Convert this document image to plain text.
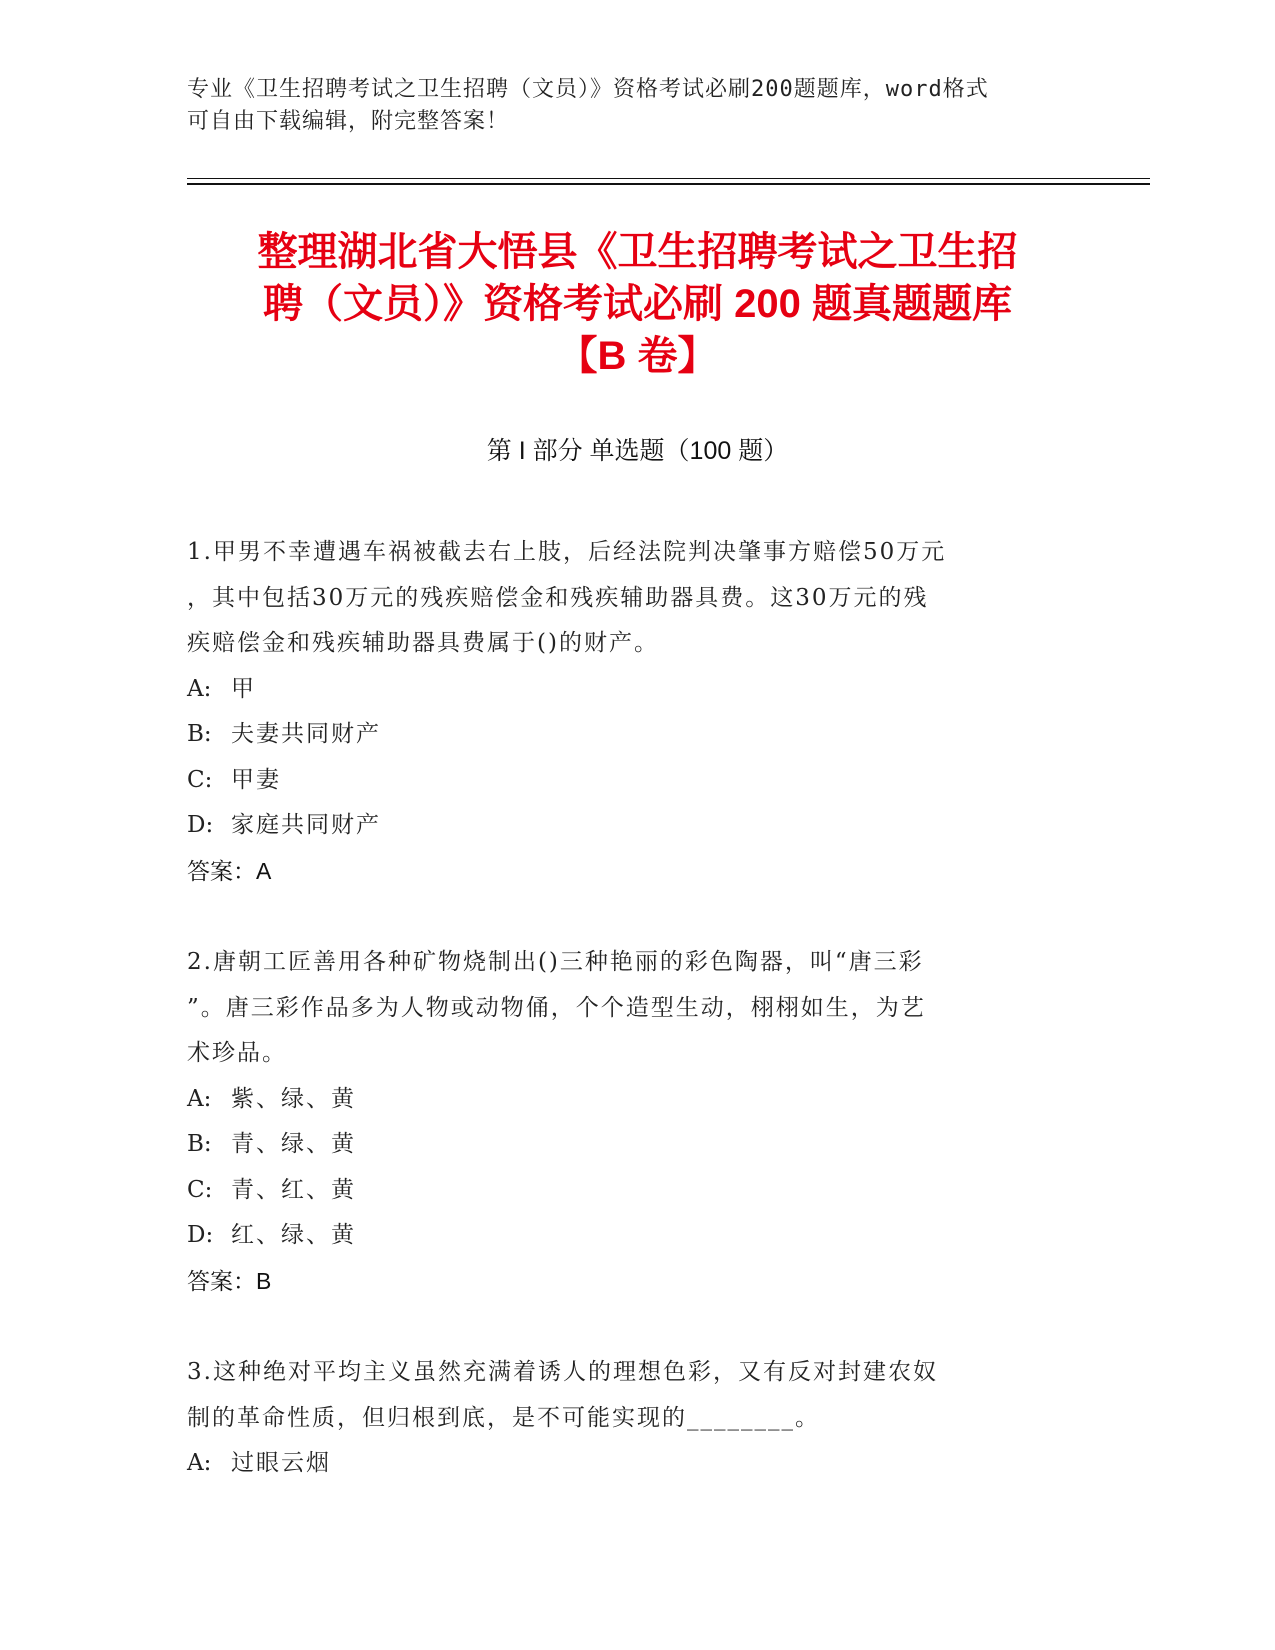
专业《卫生招聘考试之卫生招聘（文员）》资格考试必刷200题题库，word格式
可自由下载编辑，附完整答案！
整理湖北省大悟县《卫生招聘考试之卫生招
聘（文员）》资格考试必刷 200 题真题题库
【B 卷】
第 I 部分 单选题（100 题）
1.甲男不幸遭遇车祸被截去右上肢，后经法院判决肇事方赔偿50万元
，其中包括30万元的残疾赔偿金和残疾辅助器具费。这30万元的残
疾赔偿金和残疾辅助器具费属于()的财产。
A: 甲
B: 夫妻共同财产
C: 甲妻
D: 家庭共同财产
答案：A
2.唐朝工匠善用各种矿物烧制出()三种艳丽的彩色陶器，叫“唐三彩
”。唐三彩作品多为人物或动物俑，个个造型生动，栩栩如生，为艺
术珍品。
A: 紫、绿、黄
B: 青、绿、黄
C: 青、红、黄
D: 红、绿、黄
答案：B
3.这种绝对平均主义虽然充满着诱人的理想色彩，又有反对封建农奴
制的革命性质，但归根到底，是不可能实现的________。
A: 过眼云烟
